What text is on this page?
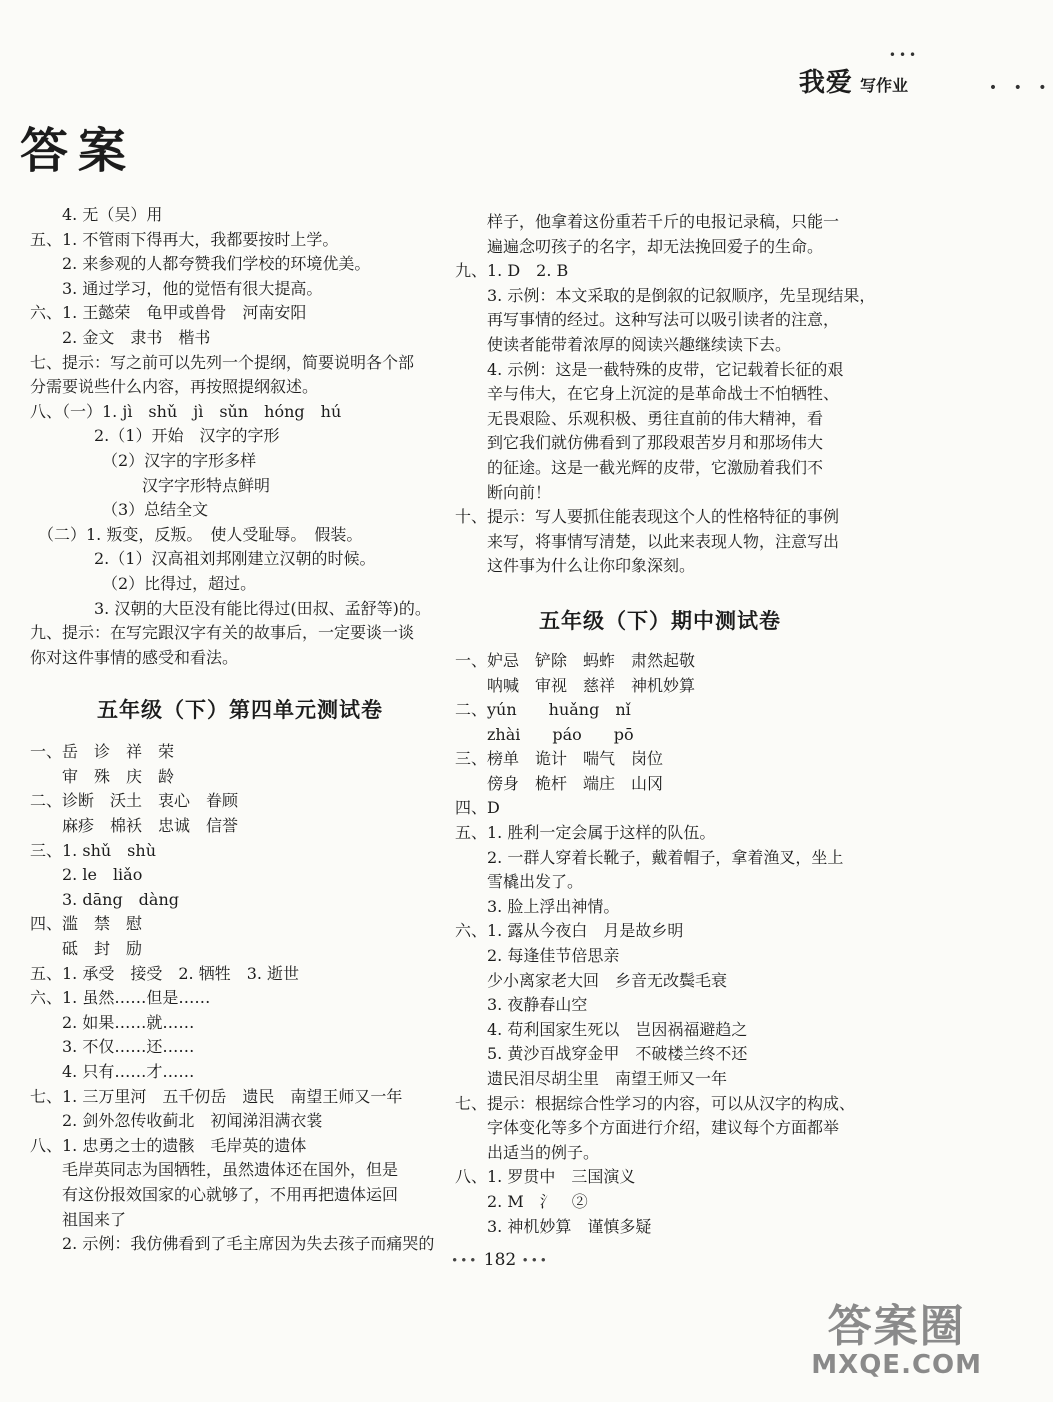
•••
我爱 写作业	• • •
答案
　　4. 无（吴）用
五、1. 不管雨下得再大，我都要按时上学。
　　2. 来参观的人都夸赞我们学校的环境优美。
　　3. 通过学习，他的觉悟有很大提高。
六、1. 王懿荣　龟甲或兽骨　河南安阳
　　2. 金文　隶书　楷书
七、提示：写之前可以先列一个提纲，简要说明各个部
分需要说些什么内容，再按照提纲叙述。
八、（一）1. jì　shǔ　jì　sǔn　hóng　hú
　　　　2.（1）开始　汉字的字形
　　　　　（2）汉字的字形多样
　　　　　　　汉字字形特点鲜明
　　　　　（3）总结全文
　（二）1. 叛变，反叛。　使人受耻辱。　假装。
　　　　2.（1）汉高祖刘邦刚建立汉朝的时候。
　　　　　（2）比得过，超过。
　　　　3. 汉朝的大臣没有能比得过(田叔、孟舒等)的。
九、提示：在写完跟汉字有关的故事后，一定要谈一谈
你对这件事情的感受和看法。
五年级（下）第四单元测试卷
一、岳　诊　祥　荣
　　审　殊　庆　龄
二、诊断　沃土　衷心　眷顾
　　麻疹　棉袄　忠诚　信誉
三、1. shǔ　shù
　　2. le　liǎo
　　3. dāng　dàng
四、滥　禁　慰
　　砥　封　励
五、1. 承受　接受　2. 牺牲　3. 逝世
六、1. 虽然……但是……
　　2. 如果……就……
　　3. 不仅……还……
　　4. 只有……才……
七、1. 三万里河　五千仞岳　遗民　南望王师又一年
　　2. 剑外忽传收蓟北　初闻涕泪满衣裳
八、1. 忠勇之士的遗骸　毛岸英的遗体
　　毛岸英同志为国牺牲，虽然遗体还在国外，但是
　　有这份报效国家的心就够了，不用再把遗体运回
　　祖国来了
　　2. 示例：我仿佛看到了毛主席因为失去孩子而痛哭的
　　样子，他拿着这份重若千斤的电报记录稿，只能一
　　遍遍念叨孩子的名字，却无法挽回爱子的生命。
九、1. D　2. B
　　3. 示例：本文采取的是倒叙的记叙顺序，先呈现结果，
　　再写事情的经过。这种写法可以吸引读者的注意，
　　使读者能带着浓厚的阅读兴趣继续读下去。
　　4. 示例：这是一截特殊的皮带，它记载着长征的艰
　　辛与伟大，在它身上沉淀的是革命战士不怕牺牲、
　　无畏艰险、乐观积极、勇往直前的伟大精神，看
　　到它我们就仿佛看到了那段艰苦岁月和那场伟大
　　的征途。这是一截光辉的皮带，它激励着我们不
　　断向前！
十、提示：写人要抓住能表现这个人的性格特征的事例
　　来写，将事情写清楚，以此来表现人物，注意写出
　　这件事为什么让你印象深刻。
五年级（下）期中测试卷
一、妒忌　铲除　蚂蚱　肃然起敬
　　呐喊　审视　慈祥　神机妙算
二、yún　　huǎng　nǐ
　　zhài　　páo　　pō
三、榜单　诡计　喘气　岗位
　　傍身　桅杆　端庄　山冈
四、D
五、1. 胜利一定会属于这样的队伍。
　　2. 一群人穿着长靴子，戴着帽子，拿着渔叉，坐上
　　雪橇出发了。
　　3. 脸上浮出神情。
六、1. 露从今夜白　月是故乡明
　　2. 每逢佳节倍思亲
　　少小离家老大回　乡音无改鬓毛衰
　　3. 夜静春山空
　　4. 苟利国家生死以　岂因祸福避趋之
　　5. 黄沙百战穿金甲　不破楼兰终不还
　　遗民泪尽胡尘里　南望王师又一年
七、提示：根据综合性学习的内容，可以从汉字的构成、
　　字体变化等多个方面进行介绍，建议每个方面都举
　　出适当的例子。
八、1. 罗贯中　三国演义
　　2. M　氵　②
　　3. 神机妙算　谨慎多疑
••• 182 •••
答案圈
MXQE.COM
